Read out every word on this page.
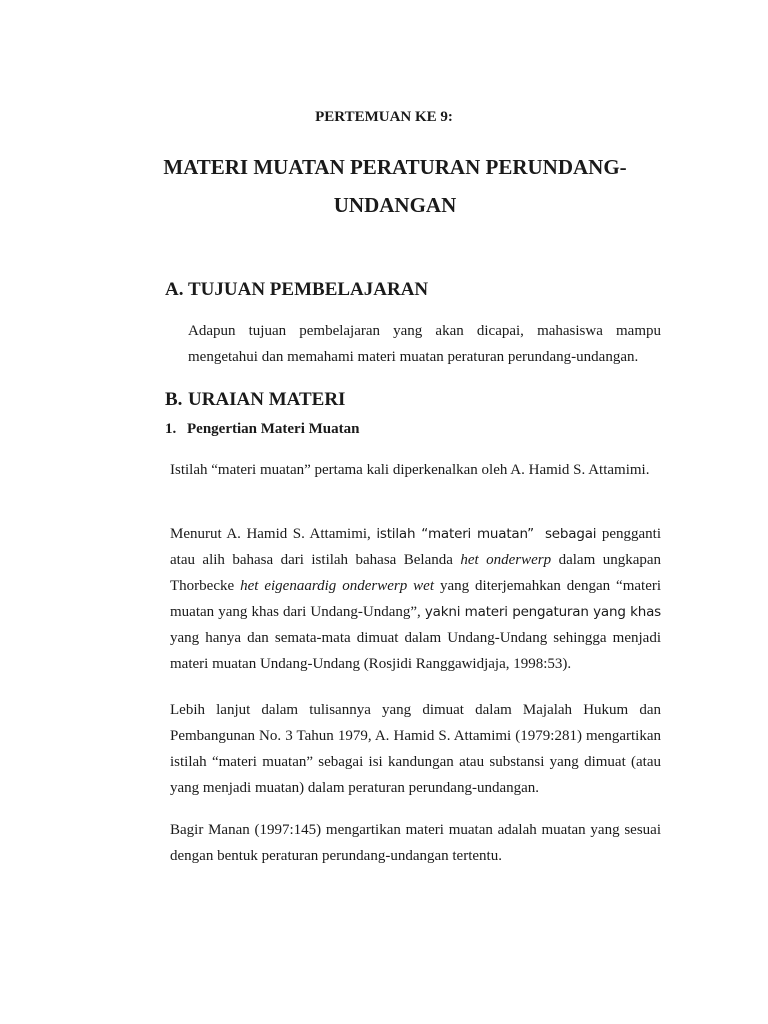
PERTEMUAN KE 9:
MATERI MUATAN PERATURAN PERUNDANG-
UNDANGAN
A. TUJUAN PEMBELAJARAN
Adapun tujuan pembelajaran yang akan dicapai, mahasiswa mampu mengetahui dan memahami materi muatan peraturan perundang-undangan.
B. URAIAN MATERI
1. Pengertian Materi Muatan
Istilah “materi muatan” pertama kali diperkenalkan oleh A. Hamid S. Attamimi.
Menurut A. Hamid S. Attamimi, istilah “materi muatan” sebagai pengganti atau alih bahasa dari istilah bahasa Belanda het onderwerp dalam ungkapan Thorbecke het eigenaardig onderwerp wet yang diterjemahkan dengan “materi muatan yang khas dari Undang-Undang”, yakni materi pengaturan yang khas yang hanya dan semata-mata dimuat dalam Undang-Undang sehingga menjadi materi muatan Undang-Undang (Rosjidi Ranggawidjaja, 1998:53).
Lebih lanjut dalam tulisannya yang dimuat dalam Majalah Hukum dan Pembangunan No. 3 Tahun 1979, A. Hamid S. Attamimi (1979:281) mengartikan istilah “materi muatan” sebagai isi kandungan atau substansi yang dimuat (atau yang menjadi muatan) dalam peraturan perundang-undangan.
Bagir Manan (1997:145) mengartikan materi muatan adalah muatan yang sesuai dengan bentuk peraturan perundang-undangan tertentu.
